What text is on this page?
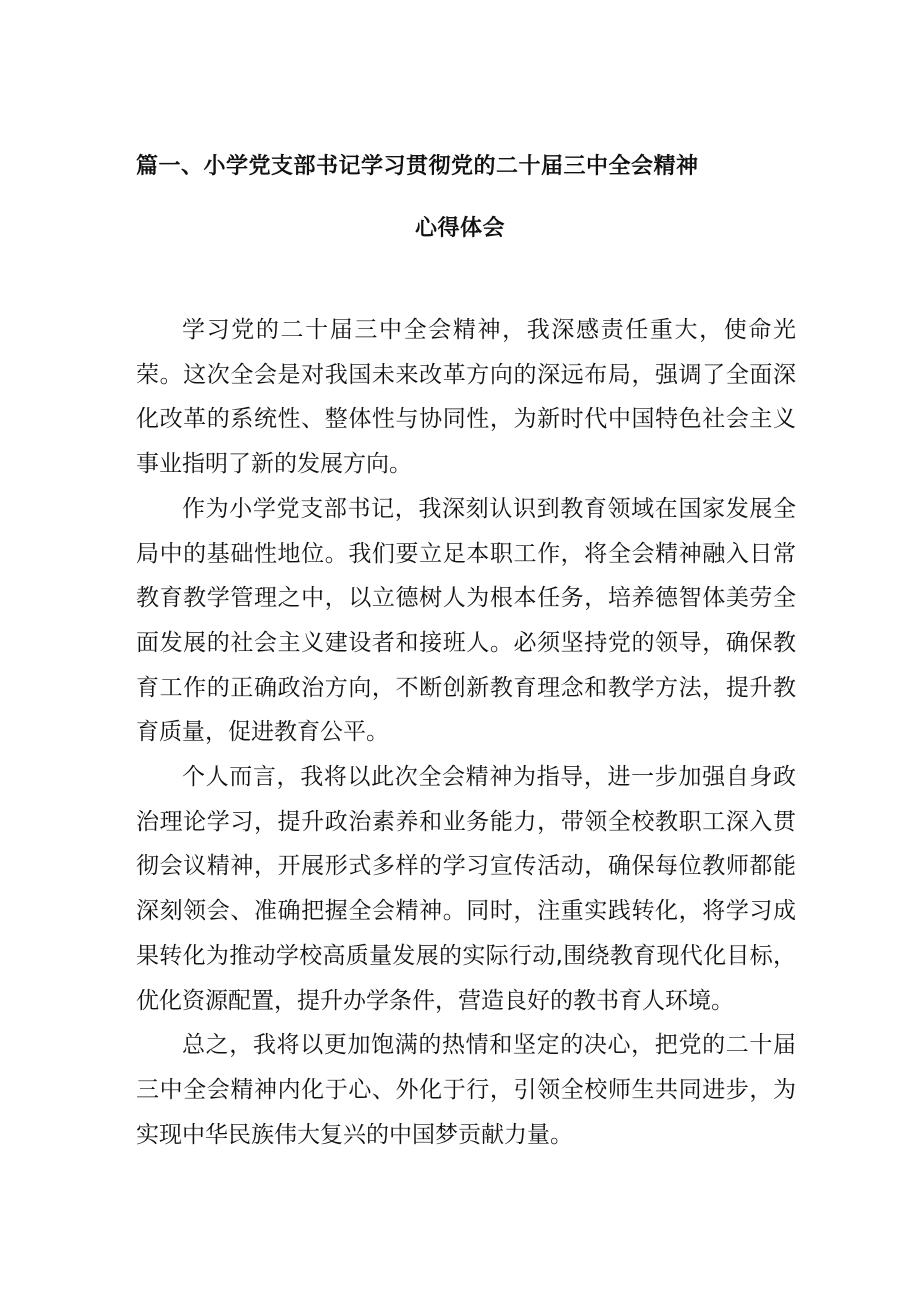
篇一、小学党支部书记学习贯彻党的二十届三中全会精神
心得体会

学习党的二十届三中全会精神，我深感责任重大，使命光荣。这次全会是对我国未来改革方向的深远布局，强调了全面深化改革的系统性、整体性与协同性，为新时代中国特色社会主义事业指明了新的发展方向。

作为小学党支部书记，我深刻认识到教育领域在国家发展全局中的基础性地位。我们要立足本职工作，将全会精神融入日常教育教学管理之中，以立德树人为根本任务，培养德智体美劳全面发展的社会主义建设者和接班人。必须坚持党的领导，确保教育工作的正确政治方向，不断创新教育理念和教学方法，提升教育质量，促进教育公平。

个人而言，我将以此次全会精神为指导，进一步加强自身政治理论学习，提升政治素养和业务能力，带领全校教职工深入贯彻会议精神，开展形式多样的学习宣传活动，确保每位教师都能深刻领会、准确把握全会精神。同时，注重实践转化，将学习成果转化为推动学校高质量发展的实际行动,围绕教育现代化目标，优化资源配置，提升办学条件，营造良好的教书育人环境。

总之，我将以更加饱满的热情和坚定的决心，把党的二十届三中全会精神内化于心、外化于行，引领全校师生共同进步，为实现中华民族伟大复兴的中国梦贡献力量。
